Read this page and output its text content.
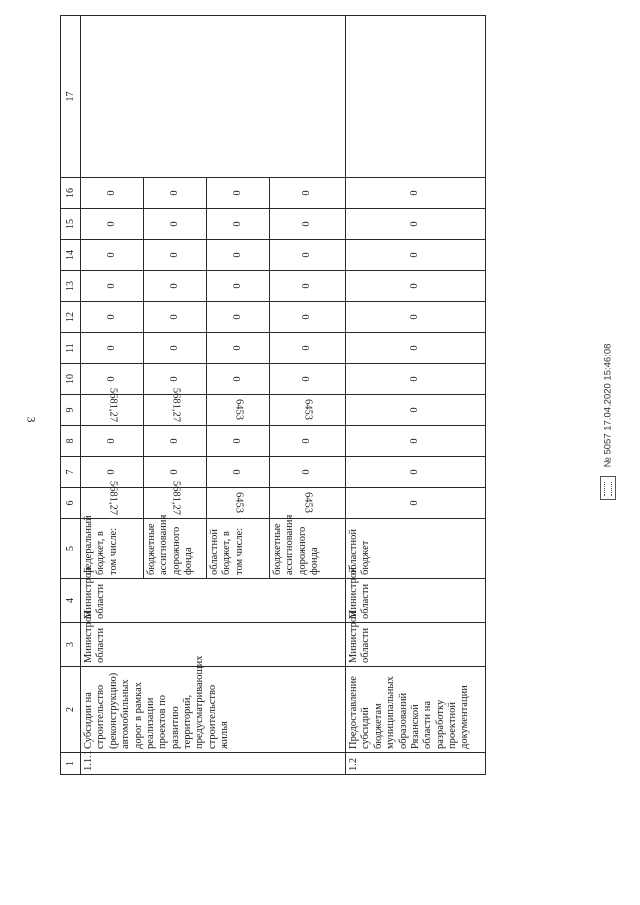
3
1	2	3	4	5	6	7	8	9	10	11	12	13	14	15	16	17
1.1.1	Субсидии на строительство (реконструкцию) автомобильных дорог в рамках реализации проектов по развитию территорий, предусматривающих строительство жилья	Министрой области	Министрой области	федеральный бюджет, в том числе:	5681,27	0	0	5681,27	0	0	0	0	0	0	0	
				бюджетные ассигнования дорожного фонда	5681,27	0	0	5681,27	0	0	0	0	0	0	0	
				областной бюджет, в том числе:	6453	0	0	6453	0	0	0	0	0	0	0	
				бюджетные ассигнования дорожного фонда	6453	0	0	6453	0	0	0	0	0	0	0	
1.2	Предоставление субсидий бюджетам муниципальных образований Рязанской области на разработку проектной документации	Министрой области	Министрой области	областной бюджет	0	0	0	0	0	0	0	0	0	0	0	
№ 5057 17.04.2020 15:46:08
